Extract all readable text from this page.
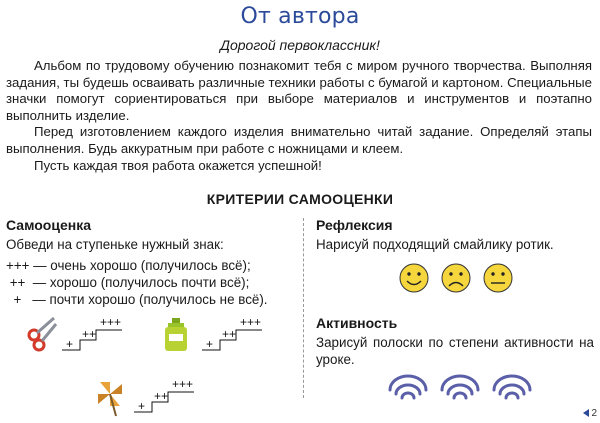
От автора
Дорогой первоклассник!

Альбом по трудовому обучению познакомит тебя с миром ручного творчества. Выполняя задания, ты будешь осваивать различные техники работы с бумагой и картоном. Специальные значки помогут сориентироваться при выборе материалов и инструментов и поэтапно выполнить изделие.

Перед изготовлением каждого изделия внимательно читай задание. Определяй этапы выполнения. Будь аккуратным при работе с ножницами и клеем.

Пусть каждая твоя работа окажется успешной!

КРИТЕРИИ САМООЦЕНКИ
Самооценка
Обведи на ступеньке нужный знак:
+++ — очень хорошо (получилось всё);
++  — хорошо (получилось почти всё);
+   — почти хорошо (получилось не всё).
+
++
+++
+
++
+++
+
++
+++
Рефлексия
Нарисуй подходящий смайлику ротик.
Активность
Зарисуй полоски по степени активности на уроке.
2
